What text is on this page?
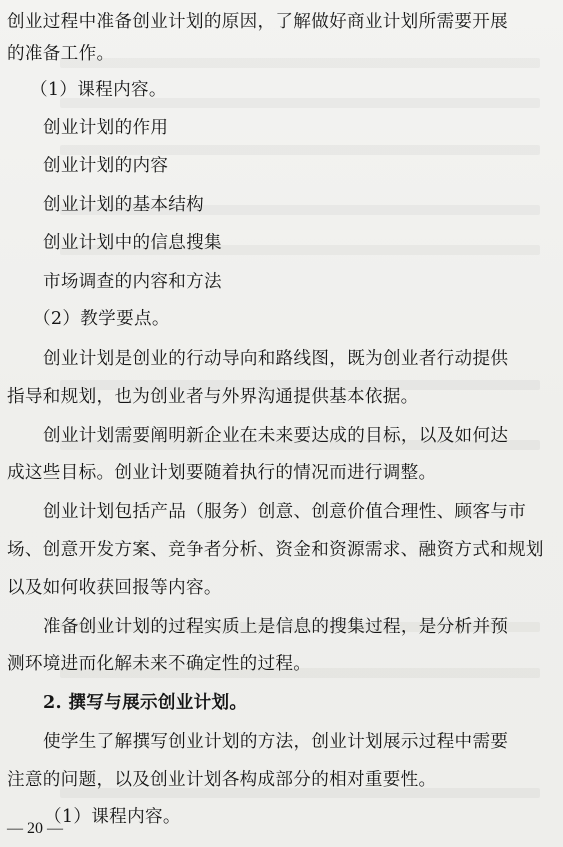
创业过程中准备创业计划的原因，了解做好商业计划所需要开展
的准备工作。
（1）课程内容。
创业计划的作用
创业计划的内容
创业计划的基本结构
创业计划中的信息搜集
市场调查的内容和方法
（2）教学要点。
创业计划是创业的行动导向和路线图，既为创业者行动提供
指导和规划，也为创业者与外界沟通提供基本依据。
创业计划需要阐明新企业在未来要达成的目标，以及如何达
成这些目标。创业计划要随着执行的情况而进行调整。
创业计划包括产品（服务）创意、创意价值合理性、顾客与市
场、创意开发方案、竞争者分析、资金和资源需求、融资方式和规划
以及如何收获回报等内容。
准备创业计划的过程实质上是信息的搜集过程，是分析并预
测环境进而化解未来不确定性的过程。
2. 撰写与展示创业计划。
使学生了解撰写创业计划的方法，创业计划展示过程中需要
注意的问题，以及创业计划各构成部分的相对重要性。
（1）课程内容。
— 20 —
